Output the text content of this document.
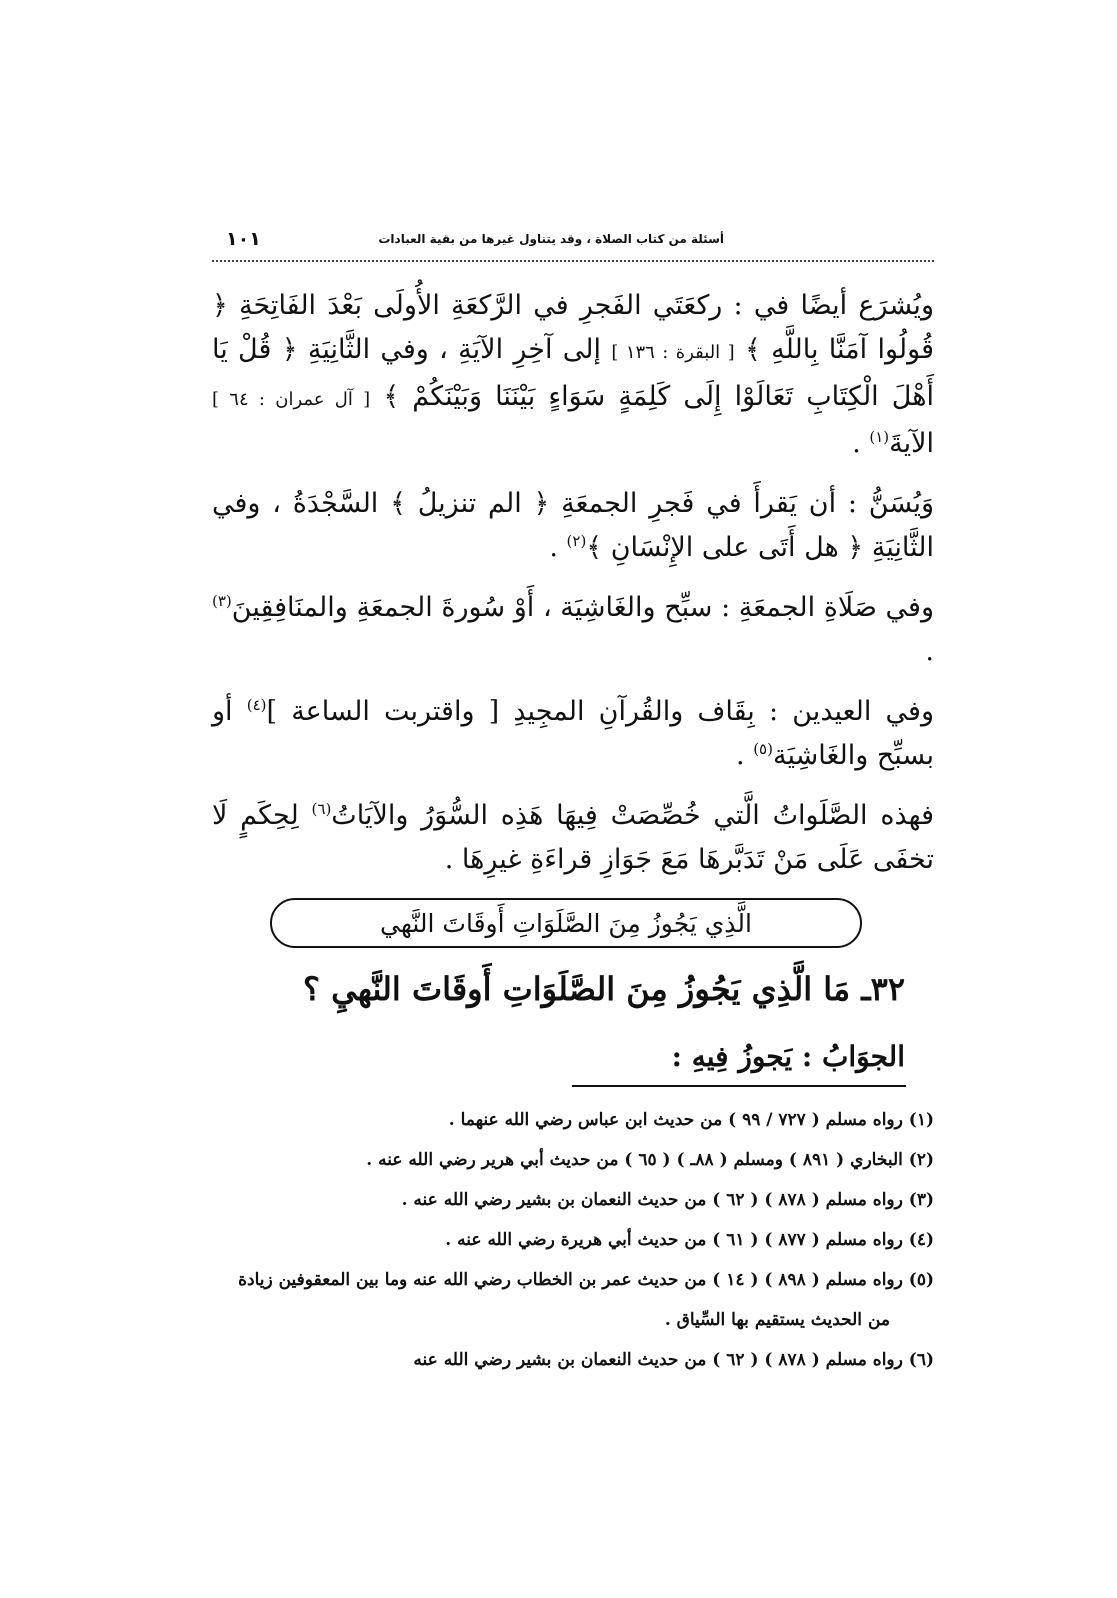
أسئلة من كتاب الصلاة ، وقد يتناول غيرها من بقية العبادات
١٠١

ويُشرَع أيضًا في : ركعَتَي الفَجرِ في الرَّكعَةِ الأُولَى بَعْدَ الفَاتِحَةِ ﴿ قُولُوا آمَنَّا بِاللَّهِ ﴾ [ البقرة : ١٣٦ ] إلى آخِرِ الآيَةِ ، وفي الثَّانِيَةِ ﴿ قُلْ يَا أَهْلَ الْكِتَابِ تَعَالَوْا إِلَى كَلِمَةٍ سَوَاءٍ بَيْنَنَا وَبَيْنَكُمْ ﴾ [ آل عمران : ٦٤ ] الآيةَ$^{(١)}$ .

وَيُسَنُّ : أن يَقرأَ في فَجرِ الجمعَةِ ﴿ الم تنزيلُ ﴾ السَّجْدَةُ ، وفي الثَّانِيَةِ ﴿ هل أَتَى على الإِنْسَانِ ﴾$^{(٢)}$ .

وفي صَلَاةِ الجمعَةِ : سبِّح والغَاشِيَة ، أَوْ سُورةَ الجمعَةِ والمنَافِقِينَ$^{(٣)}$ .

وفي العيدين : بِقَاف والقُرآنِ المجِيدِ [ واقتربت الساعة ]$^{(٤)}$ أو بسبِّح والغَاشِيَة$^{(٥)}$ .

فهذه الصَّلَواتُ الَّتي خُصِّصَتْ فِيهَا هَذِه السُّوَرُ والآيَاتُ$^{(٦)}$ لِحِكَمٍ لَا تخفَى عَلَى مَنْ تَدَبَّرهَا مَعَ جَوَازِ قراءَةِ غيرِهَا .

الَّذِي يَجُوزُ مِنَ الصَّلَوَاتِ أَوقَاتَ النَّهي
٣٢ـ مَا الَّذِي يَجُوزُ مِنَ الصَّلَوَاتِ أَوقَاتَ النَّهيِ ؟
الجوَابُ : يَجوزُ فِيهِ :
(١) رواه مسلم ( ٧٢٧ / ٩٩ ) من حديث ابن عباس رضي الله عنهما .
(٢) البخاري ( ٨٩١ ) ومسلم ( ٨٨ـ ) ( ٦٥ ) من حديث أبي هرير رضي الله عنه .
(٣) رواه مسلم ( ٨٧٨ ) ( ٦٢ ) من حديث النعمان بن بشير رضي الله عنه .
(٤) رواه مسلم ( ٨٧٧ ) ( ٦١ ) من حديث أبي هريرة رضي الله عنه .
(٥) رواه مسلم ( ٨٩٨ ) ( ١٤ ) من حديث عمر بن الخطاب رضي الله عنه وما بين المعقوفين زيادة
من الحديث يستقيم بها السِّياق .
(٦) رواه مسلم ( ٨٧٨ ) ( ٦٢ ) من حديث النعمان بن بشير رضي الله عنه
